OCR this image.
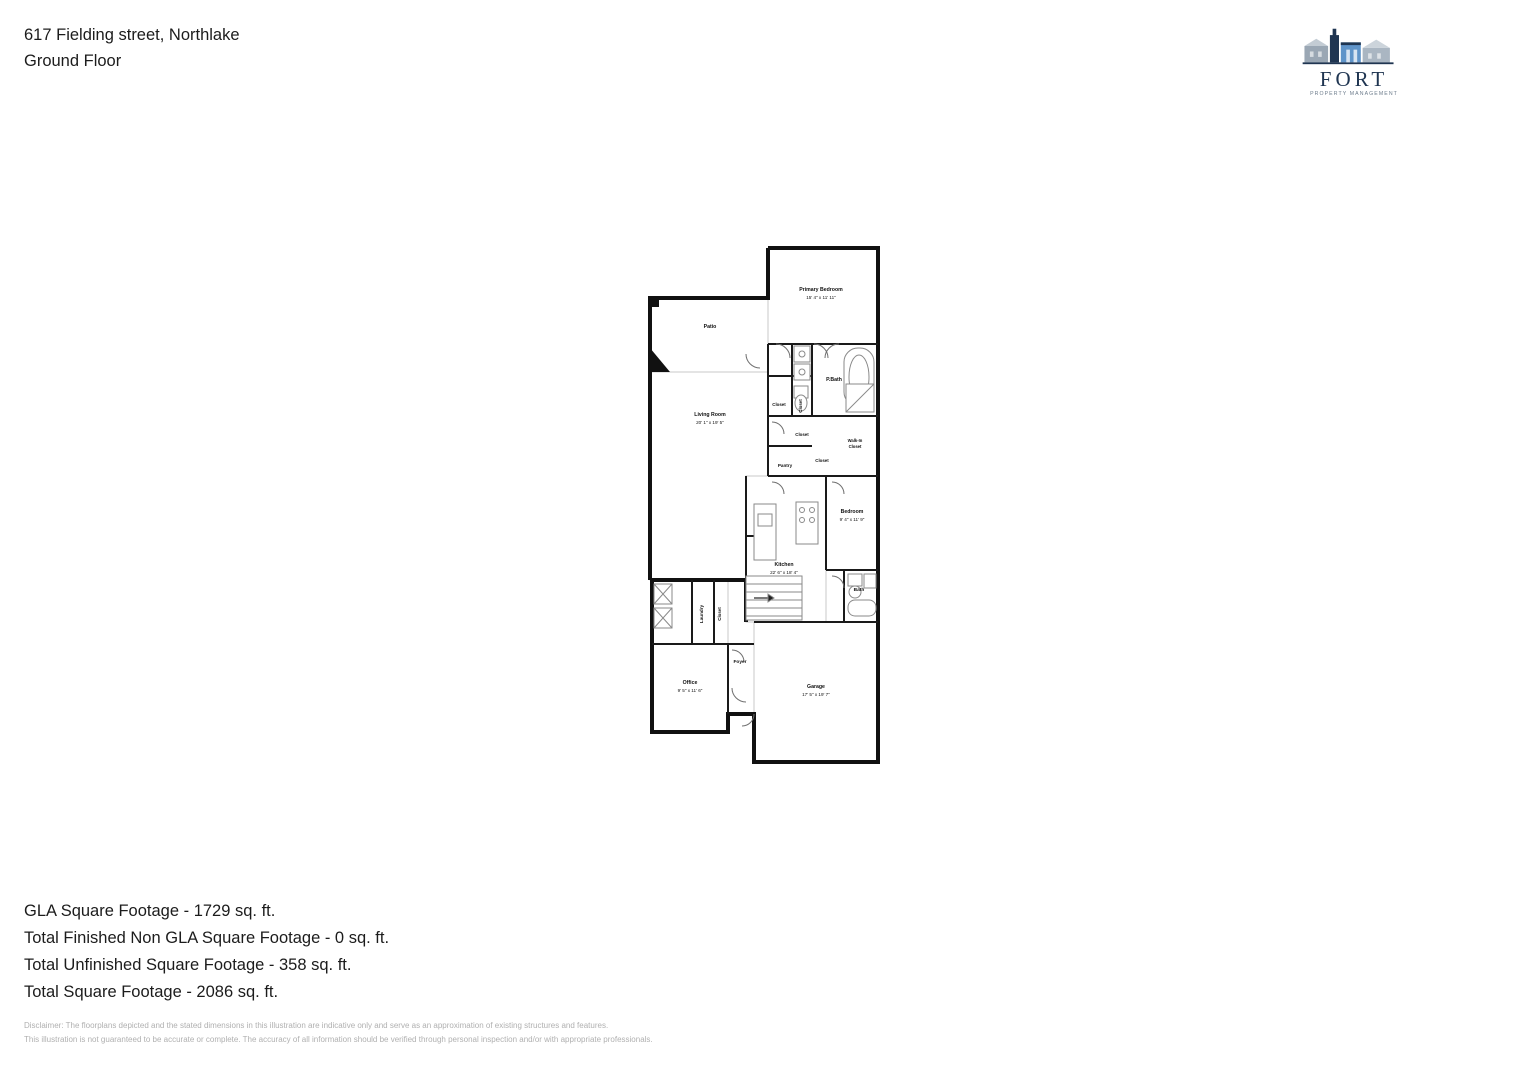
617 Fielding street, Northlake
Ground Floor
FORT
PROPERTY MANAGEMENT
Primary Bedroom
15' 4" x 11' 11"
Patio
P.Bath
Closet	Closet
Living Room
20' 1" x 19' 5"
Closet
Walk-In
Closet
Pantry
Closet
Bedroom
9' 4" x 11' 9"
Kitchen
22' 6" x 18' 4"
Bath
Laundry	Closet
Foyer
Office
9' 5" x 11' 6"
Porch
Garage
17' 5" x 19' 7"
GLA Square Footage - 1729 sq. ft.
Total Finished Non GLA Square Footage - 0 sq. ft.
Total Unfinished Square Footage - 358 sq. ft.
Total Square Footage - 2086 sq. ft.
Disclaimer: The floorplans depicted and the stated dimensions in this illustration are indicative only and serve as an approximation of existing structures and features.
This illustration is not guaranteed to be accurate or complete. The accuracy of all information should be verified through personal inspection and/or with appropriate professionals.
